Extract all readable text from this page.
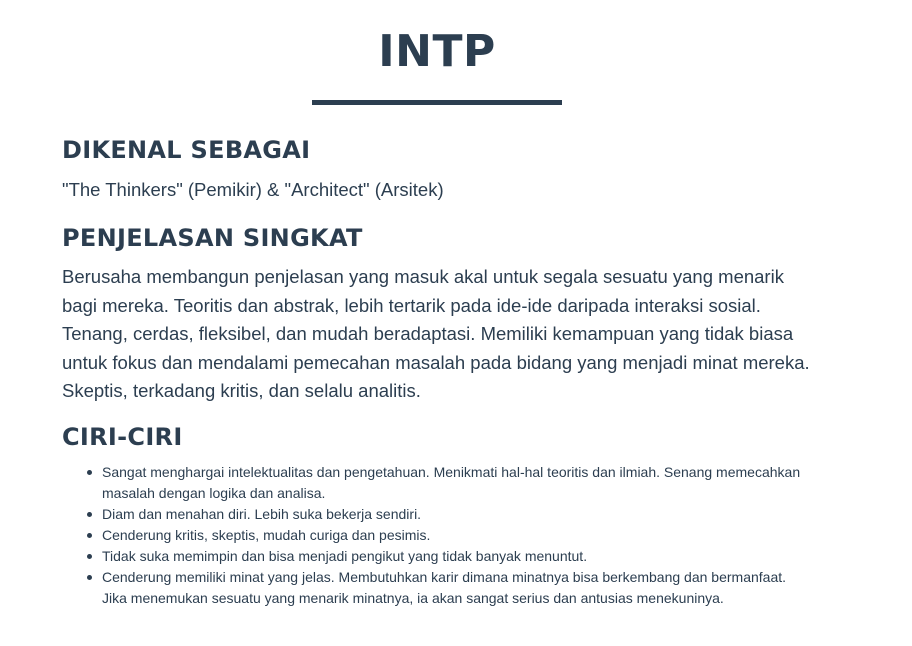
INTP
DIKENAL SEBAGAI

"The Thinkers" (Pemikir) & "Architect" (Arsitek)

PENJELASAN SINGKAT

Berusaha membangun penjelasan yang masuk akal untuk segala sesuatu yang menarik bagi mereka. Teoritis dan abstrak, lebih tertarik pada ide-ide daripada interaksi sosial. Tenang, cerdas, fleksibel, dan mudah beradaptasi. Memiliki kemampuan yang tidak biasa untuk fokus dan mendalami pemecahan masalah pada bidang yang menjadi minat mereka. Skeptis, terkadang kritis, dan selalu analitis.

CIRI-CIRI
Sangat menghargai intelektualitas dan pengetahuan. Menikmati hal-hal teoritis dan ilmiah. Senang memecahkan masalah dengan logika dan analisa.
Diam dan menahan diri. Lebih suka bekerja sendiri.
Cenderung kritis, skeptis, mudah curiga dan pesimis.
Tidak suka memimpin dan bisa menjadi pengikut yang tidak banyak menuntut.
Cenderung memiliki minat yang jelas. Membutuhkan karir dimana minatnya bisa berkembang dan bermanfaat. Jika menemukan sesuatu yang menarik minatnya, ia akan sangat serius dan antusias menekuninya.
